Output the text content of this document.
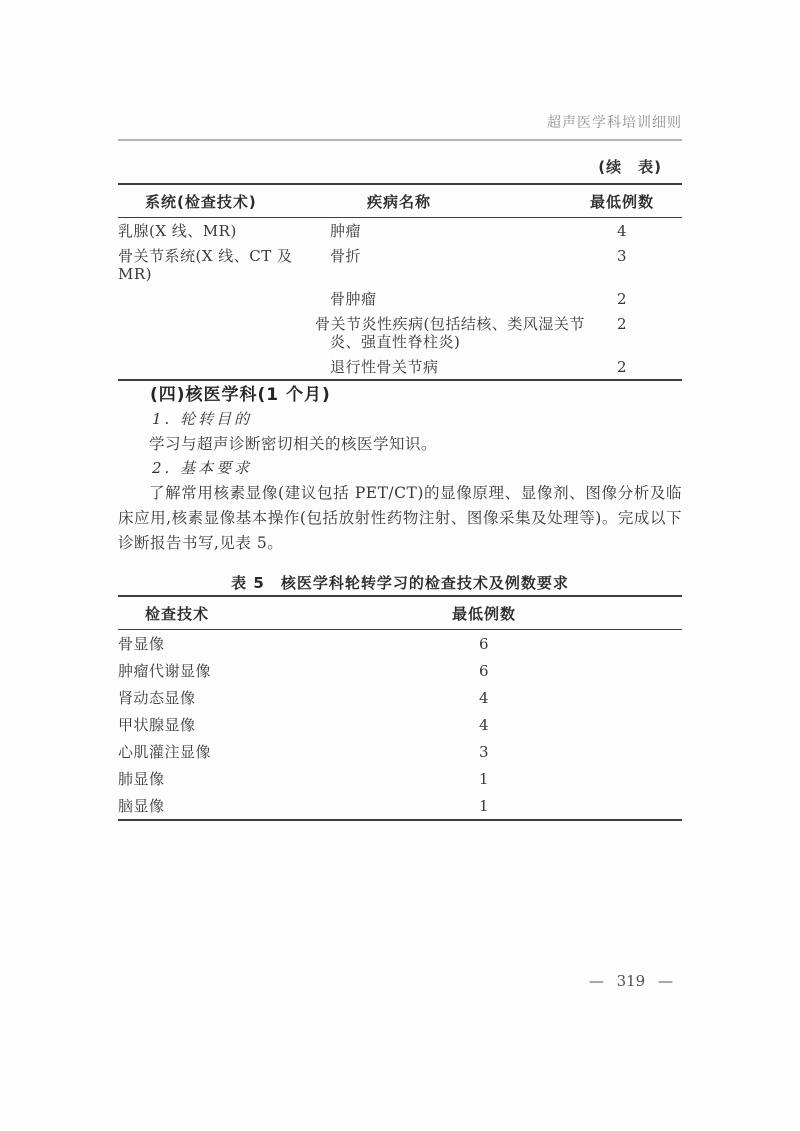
超声医学科培训细则
(续　表)
系统(检查技术)	疾病名称	最低例数
乳腺(X 线、MR)	肿瘤	4
骨关节系统(X 线、CT 及 MR)	骨折	3
	骨肿瘤	2
	骨关节炎性疾病(包括结核、类风湿关节炎、强直性脊柱炎)	2
	退行性骨关节病	2
(四)核医学科(1 个月)
1. 轮转目的
学习与超声诊断密切相关的核医学知识。
2. 基本要求
了解常用核素显像(建议包括 PET/CT)的显像原理、显像剂、图像分析及临床应用,核素显像基本操作(包括放射性药物注射、图像采集及处理等)。完成以下诊断报告书写,见表 5。
表 5　核医学科轮转学习的检查技术及例数要求
检查技术	最低例数
骨显像	6
肿瘤代谢显像	6
肾动态显像	4
甲状腺显像	4
心肌灌注显像	3
肺显像	1
脑显像	1
— 319 —
